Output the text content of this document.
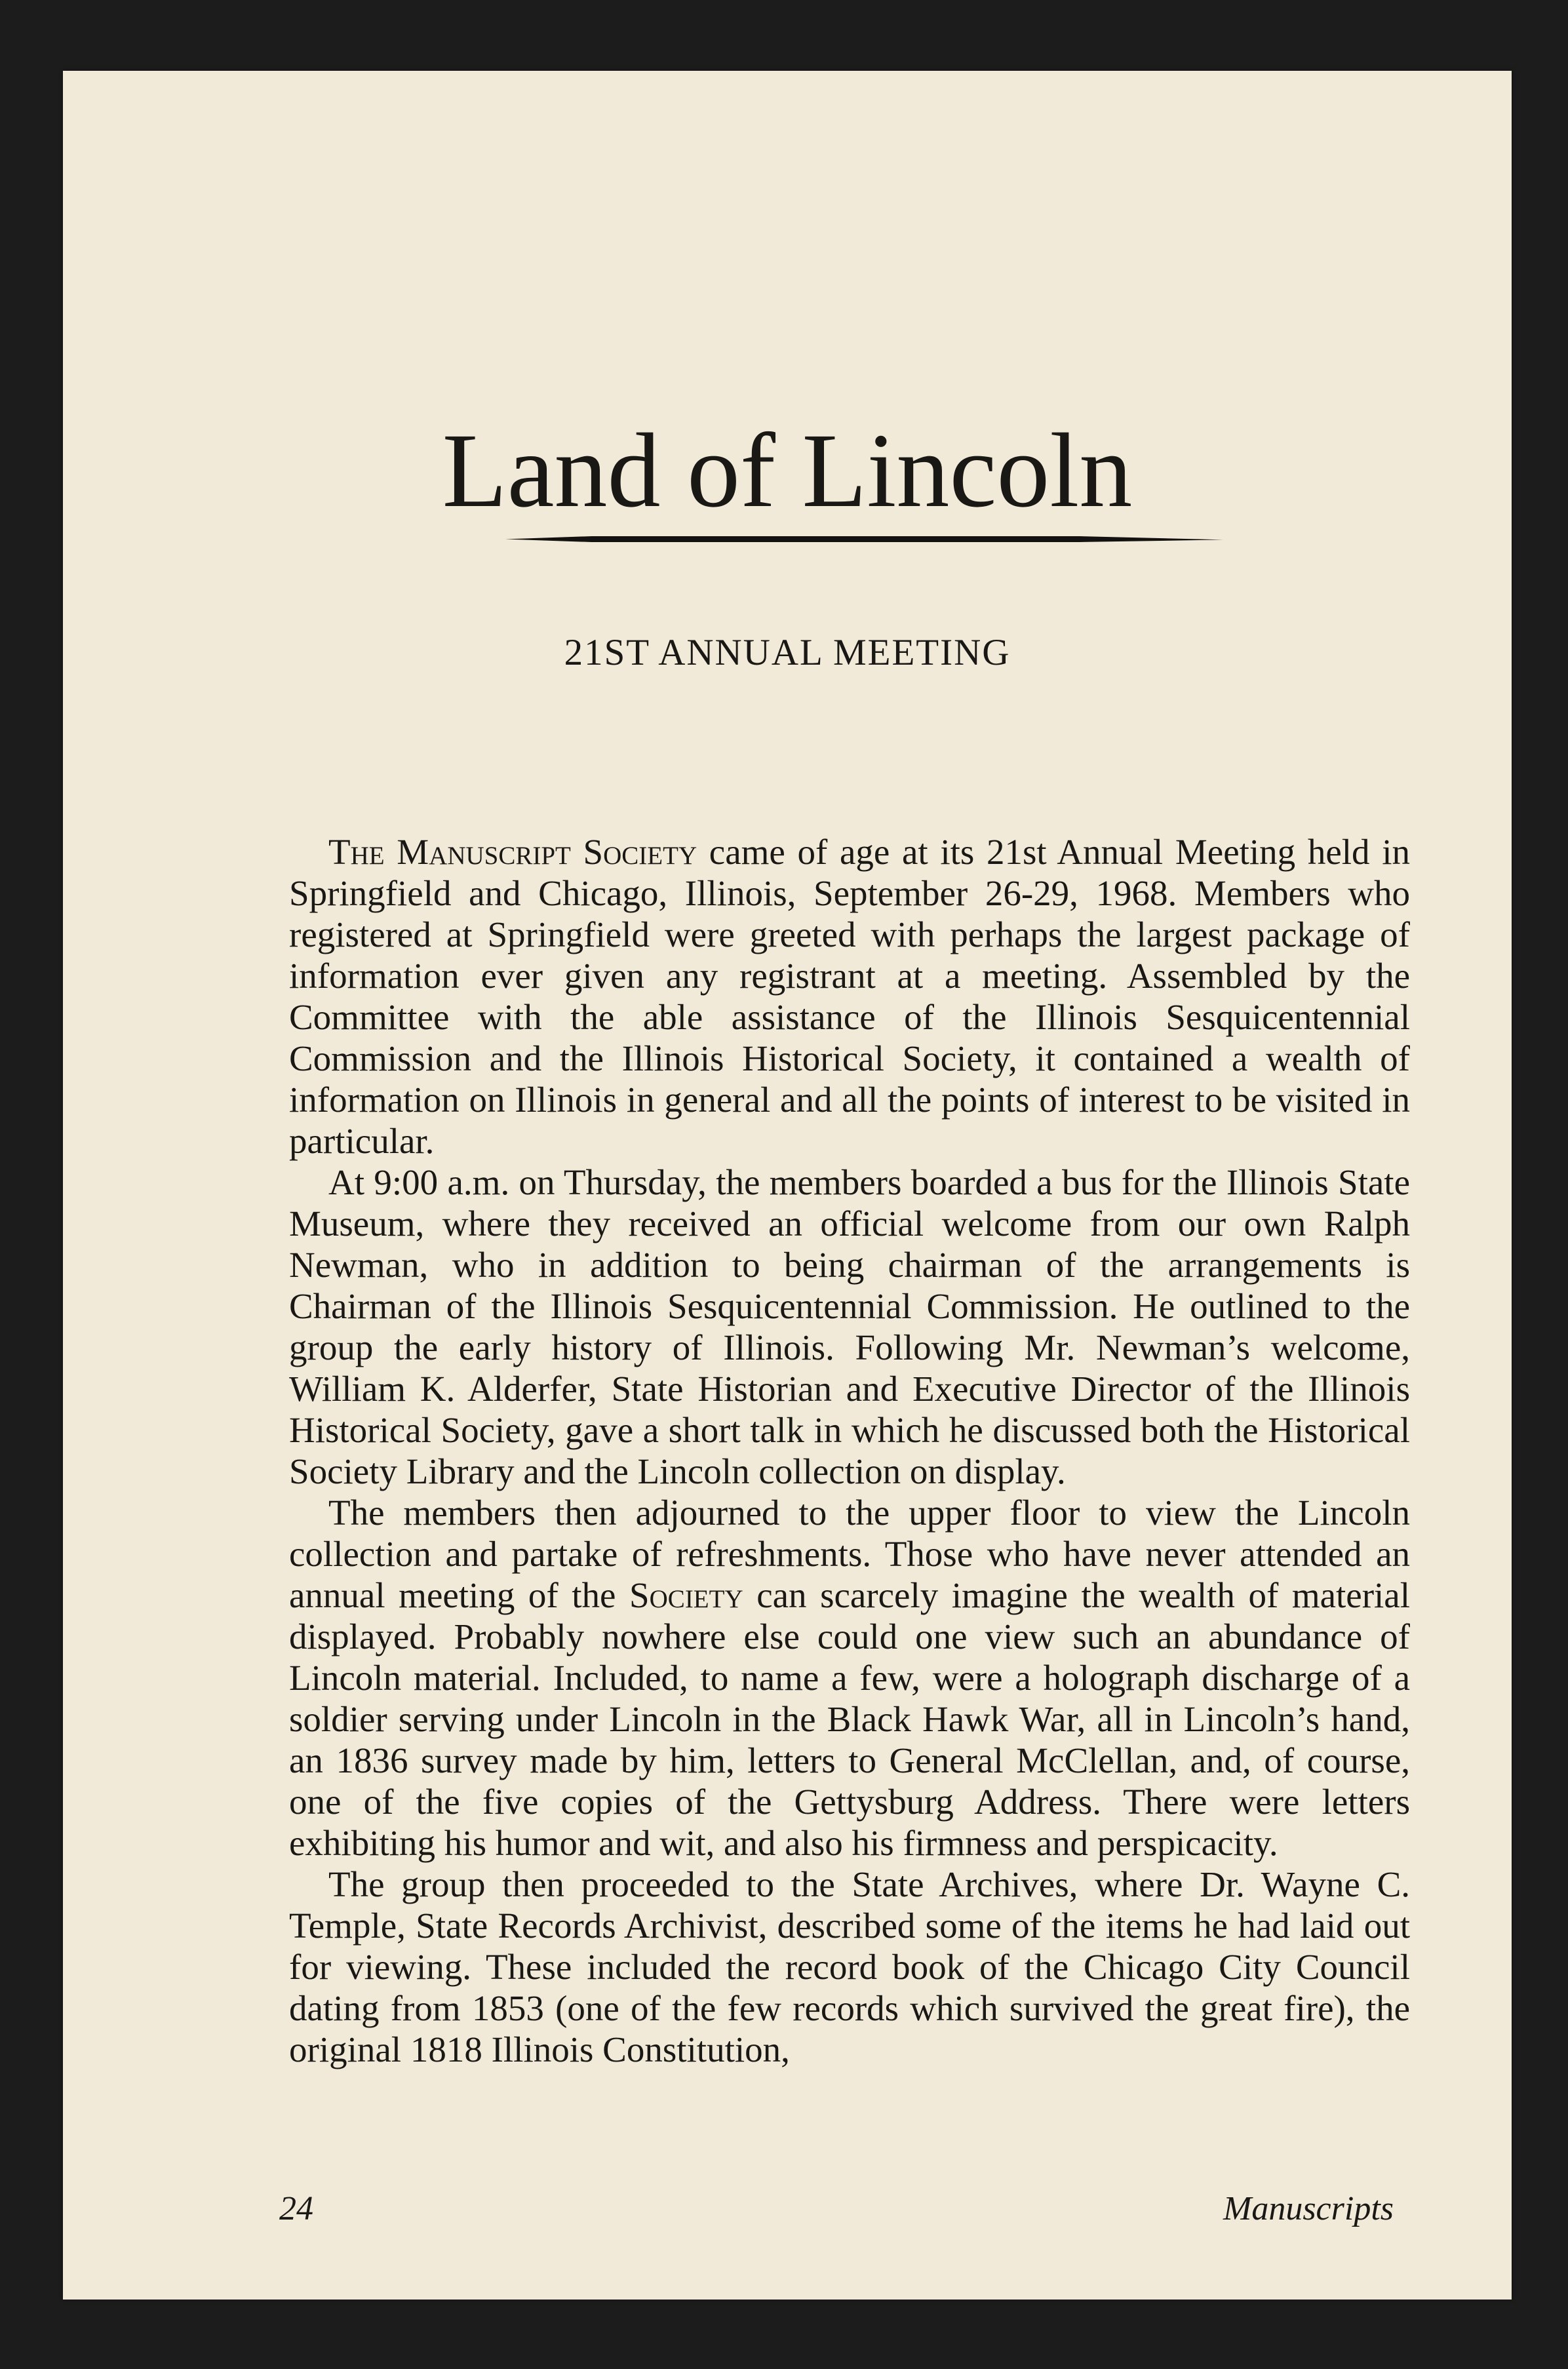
Land of Lincoln
21ST ANNUAL MEETING

The Manuscript Society came of age at its 21st Annual Meeting held in Springfield and Chicago, Illinois, September 26-29, 1968. Members who registered at Springfield were greeted with perhaps the largest package of information ever given any registrant at a meeting. Assembled by the Committee with the able assistance of the Illinois Sesquicentennial Commission and the Illinois Historical Society, it contained a wealth of information on Illinois in general and all the points of interest to be visited in particular.

At 9:00 a.m. on Thursday, the members boarded a bus for the Illinois State Museum, where they received an official welcome from our own Ralph Newman, who in addition to being chairman of the arrangements is Chairman of the Illinois Sesquicentennial Commission. He outlined to the group the early history of Illinois. Following Mr. Newman’s welcome, William K. Alderfer, State Historian and Executive Director of the Illinois Historical Society, gave a short talk in which he discussed both the Historical Society Library and the Lincoln collection on display.

The members then adjourned to the upper floor to view the Lincoln collection and partake of refreshments. Those who have never attended an annual meeting of the Society can scarcely imagine the wealth of material displayed. Probably nowhere else could one view such an abundance of Lincoln material. Included, to name a few, were a holograph discharge of a soldier serving under Lincoln in the Black Hawk War, all in Lincoln’s hand, an 1836 survey made by him, letters to General McClellan, and, of course, one of the five copies of the Gettysburg Address. There were letters exhibiting his humor and wit, and also his firmness and perspicacity.

The group then proceeded to the State Archives, where Dr. Wayne C. Temple, State Records Archivist, described some of the items he had laid out for viewing. These included the record book of the Chicago City Council dating from 1853 (one of the few records which survived the great fire), the original 1818 Illinois Constitution,

24	Manuscripts
